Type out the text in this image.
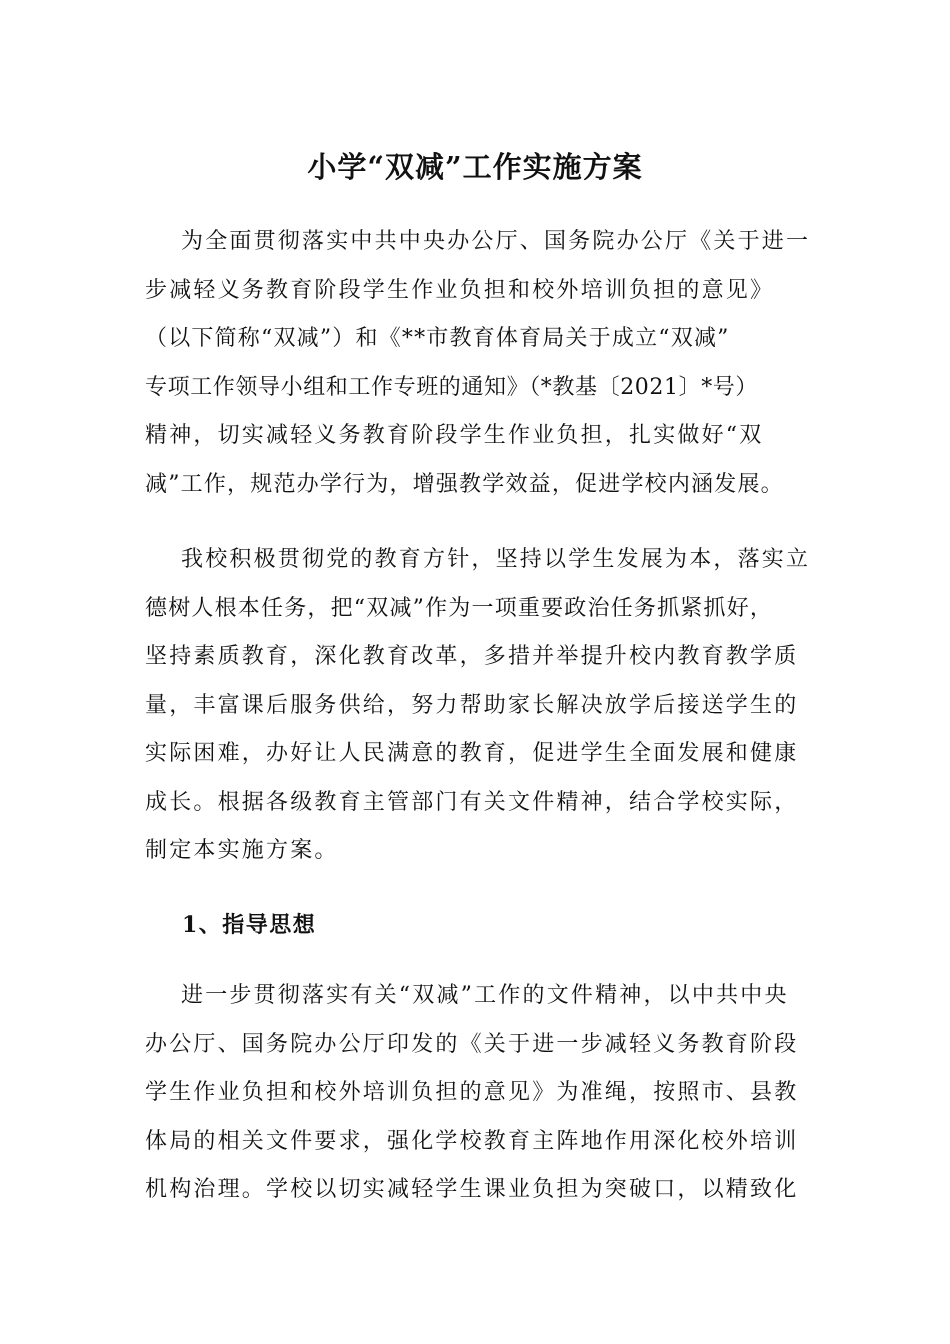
小学“双减”工作实施方案
为全面贯彻落实中共中央办公厅、国务院办公厅《关于进一
步减轻义务教育阶段学生作业负担和校外培训负担的意见》
（以下简称“双减”）和《**市教育体育局关于成立“双减”
专项工作领导小组和工作专班的通知》（*教基〔2021〕*号）
精神，切实减轻义务教育阶段学生作业负担，扎实做好“双
减”工作，规范办学行为，增强教学效益，促进学校内涵发展。
我校积极贯彻党的教育方针，坚持以学生发展为本，落实立
德树人根本任务，把“双减”作为一项重要政治任务抓紧抓好，
坚持素质教育，深化教育改革，多措并举提升校内教育教学质
量，丰富课后服务供给，努力帮助家长解决放学后接送学生的
实际困难，办好让人民满意的教育，促进学生全面发展和健康
成长。根据各级教育主管部门有关文件精神，结合学校实际，
制定本实施方案。
1、指导思想
进一步贯彻落实有关“双减”工作的文件精神，以中共中央
办公厅、国务院办公厅印发的《关于进一步减轻义务教育阶段
学生作业负担和校外培训负担的意见》为准绳，按照市、县教
体局的相关文件要求，强化学校教育主阵地作用深化校外培训
机构治理。学校以切实减轻学生课业负担为突破口，以精致化
